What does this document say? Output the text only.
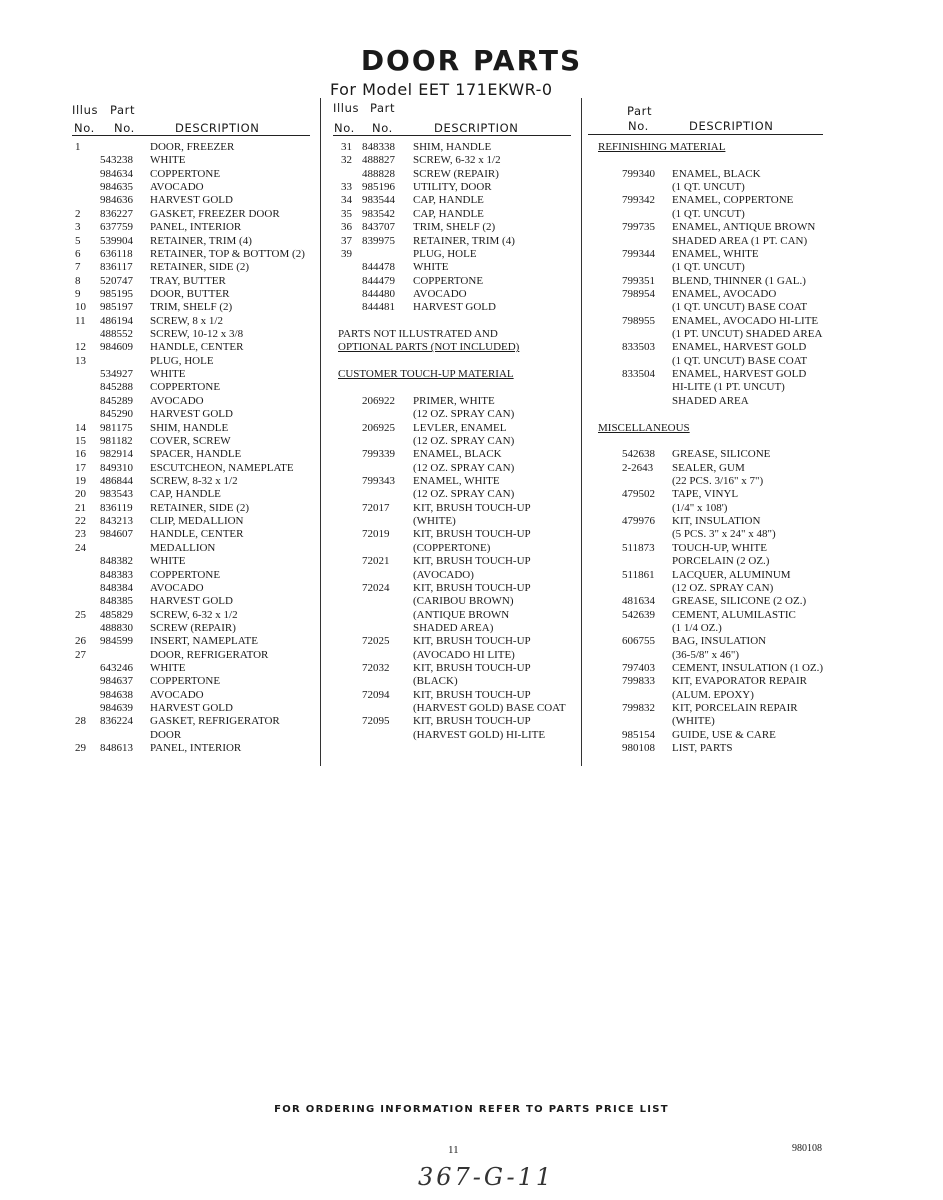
DOOR PARTS
For Model EET 171EKWR-0
Illus Part
No. No.	DESCRIPTION
Illus Part
No. No.	DESCRIPTION
Part
No.	DESCRIPTION
1	DOOR, FREEZER
543238 WHITE
984634 COPPERTONE
984635 AVOCADO
984636 HARVEST GOLD
2 836227 GASKET, FREEZER DOOR
3 637759 PANEL, INTERIOR
5 539904 RETAINER, TRIM (4)
6 636118 RETAINER, TOP & BOTTOM (2)
7 836117 RETAINER, SIDE (2)
8 520747 TRAY, BUTTER
9 985195 DOOR, BUTTER
10 985197 TRIM, SHELF (2)
11 486194 SCREW, 8 x 1/2
488552 SCREW, 10-12 x 3/8
12 984609 HANDLE, CENTER
13	PLUG, HOLE
534927 WHITE
845288 COPPERTONE
845289 AVOCADO
845290 HARVEST GOLD
14 981175 SHIM, HANDLE
15 981182 COVER, SCREW
16 982914 SPACER, HANDLE
17 849310 ESCUTCHEON, NAMEPLATE
19 486844 SCREW, 8-32 x 1/2
20 983543 CAP, HANDLE
21 836119 RETAINER, SIDE (2)
22 843213 CLIP, MEDALLION
23 984607 HANDLE, CENTER
24	MEDALLION
848382 WHITE
848383 COPPERTONE
848384 AVOCADO
848385 HARVEST GOLD
25 485829 SCREW, 6-32 x 1/2
488830 SCREW (REPAIR)
26 984599 INSERT, NAMEPLATE
27	DOOR, REFRIGERATOR
643246 WHITE
984637 COPPERTONE
984638 AVOCADO
984639 HARVEST GOLD
28 836224 GASKET, REFRIGERATOR
DOOR
29 848613 PANEL, INTERIOR
31 848338 SHIM, HANDLE
32 488827 SCREW, 6-32 x 1/2
488828 SCREW (REPAIR)
33 985196 UTILITY, DOOR
34 983544 CAP, HANDLE
35 983542 CAP, HANDLE
36 843707 TRIM, SHELF (2)
37 839975 RETAINER, TRIM (4)
39	PLUG, HOLE
844478 WHITE
844479 COPPERTONE
844480 AVOCADO
844481 HARVEST GOLD
PARTS NOT ILLUSTRATED AND
OPTIONAL PARTS (NOT INCLUDED)
CUSTOMER TOUCH-UP MATERIAL
206922 PRIMER, WHITE
(12 OZ. SPRAY CAN)
206925 LEVLER, ENAMEL
(12 OZ. SPRAY CAN)
799339 ENAMEL, BLACK
(12 OZ. SPRAY CAN)
799343 ENAMEL, WHITE
(12 OZ. SPRAY CAN)
72017 KIT, BRUSH TOUCH-UP
(WHITE)
72019 KIT, BRUSH TOUCH-UP
(COPPERTONE)
72021 KIT, BRUSH TOUCH-UP
(AVOCADO)
72024 KIT, BRUSH TOUCH-UP
(CARIBOU BROWN)
(ANTIQUE BROWN
SHADED AREA)
72025 KIT, BRUSH TOUCH-UP
(AVOCADO HI LITE)
72032 KIT, BRUSH TOUCH-UP
(BLACK)
72094 KIT, BRUSH TOUCH-UP
(HARVEST GOLD) BASE COAT
72095 KIT, BRUSH TOUCH-UP
(HARVEST GOLD) HI-LITE
REFINISHING MATERIAL
799340 ENAMEL, BLACK
(1 QT. UNCUT)
799342 ENAMEL, COPPERTONE
(1 QT. UNCUT)
799735 ENAMEL, ANTIQUE BROWN
SHADED AREA (1 PT. CAN)
799344 ENAMEL, WHITE
(1 QT. UNCUT)
799351 BLEND, THINNER (1 GAL.)
798954 ENAMEL, AVOCADO
(1 QT. UNCUT) BASE COAT
798955 ENAMEL, AVOCADO HI-LITE
(1 PT. UNCUT) SHADED AREA
833503 ENAMEL, HARVEST GOLD
(1 QT. UNCUT) BASE COAT
833504 ENAMEL, HARVEST GOLD
HI-LITE (1 PT. UNCUT)
SHADED AREA
MISCELLANEOUS
542638 GREASE, SILICONE
2-2643 SEALER, GUM
(22 PCS. 3/16" x 7")
479502 TAPE, VINYL
(1/4" x 108')
479976 KIT, INSULATION
(5 PCS. 3" x 24" x 48")
511873 TOUCH-UP, WHITE
PORCELAIN (2 OZ.)
511861 LACQUER, ALUMINUM
(12 OZ. SPRAY CAN)
481634 GREASE, SILICONE (2 OZ.)
542639 CEMENT, ALUMILASTIC
(1 1/4 OZ.)
606755 BAG, INSULATION
(36-5/8" x 46")
797403 CEMENT, INSULATION (1 OZ.)
799833 KIT, EVAPORATOR REPAIR
(ALUM. EPOXY)
799832 KIT, PORCELAIN REPAIR
(WHITE)
985154 GUIDE, USE & CARE
980108 LIST, PARTS
FOR ORDERING INFORMATION REFER TO PARTS PRICE LIST
11	980108
367-G-11
